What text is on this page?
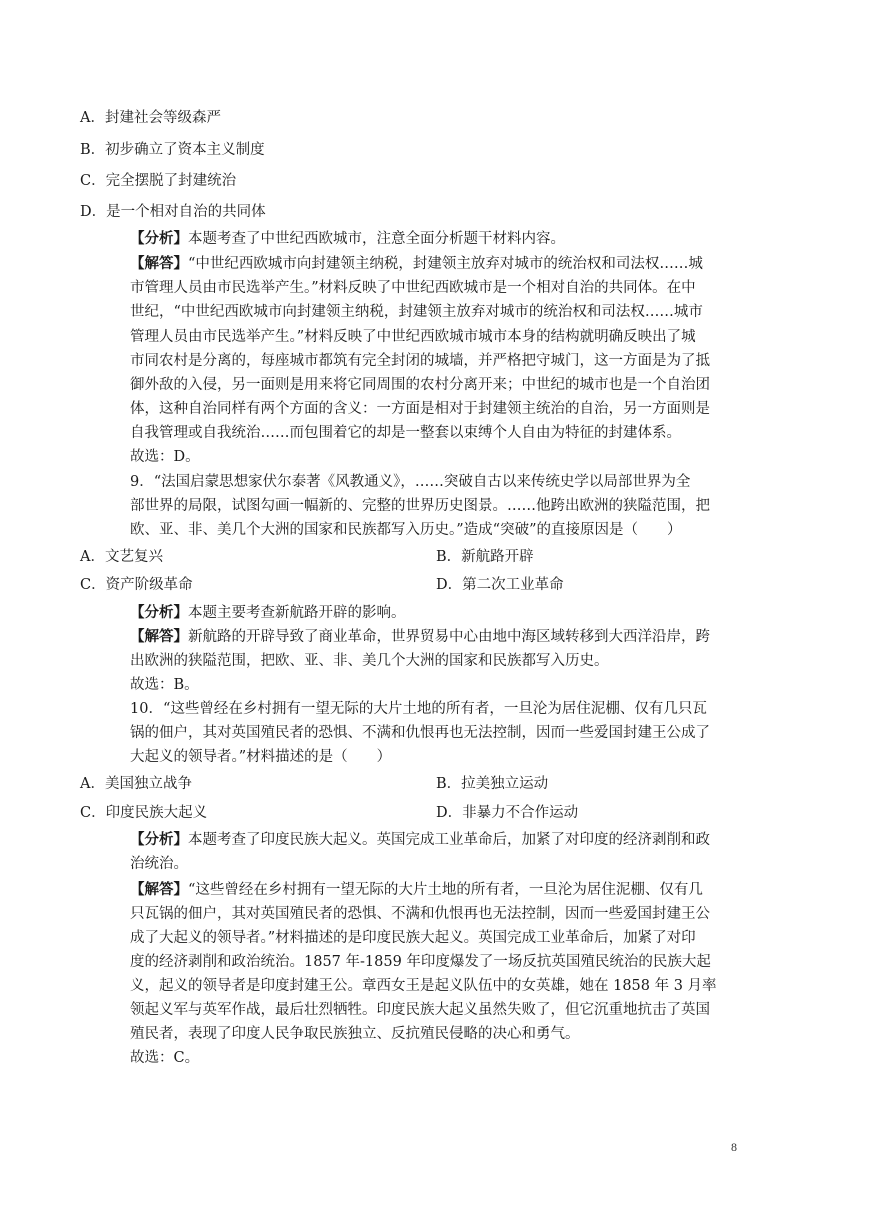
A．封建社会等级森严
B．初步确立了资本主义制度
C．完全摆脱了封建统治
D．是一个相对自治的共同体
【分析】本题考查了中世纪西欧城市，注意全面分析题干材料内容。
【解答】“中世纪西欧城市向封建领主纳税，封建领主放弃对城市的统治权和司法权……城
市管理人员由市民选举产生。”材料反映了中世纪西欧城市是一个相对自治的共同体。在中
世纪，“中世纪西欧城市向封建领主纳税，封建领主放弃对城市的统治权和司法权……城市
管理人员由市民选举产生。”材料反映了中世纪西欧城市城市本身的结构就明确反映出了城
市同农村是分离的，每座城市都筑有完全封闭的城墙，并严格把守城门，这一方面是为了抵
御外敌的入侵，另一面则是用来将它同周围的农村分离开来；中世纪的城市也是一个自治团
体，这种自治同样有两个方面的含义：一方面是相对于封建领主统治的自治，另一方面则是
自我管理或自我统治……而包围着它的却是一整套以束缚个人自由为特征的封建体系。
故选：D。
9．“法国启蒙思想家伏尔泰著《风教通义》，……突破自古以来传统史学以局部世界为全
部世界的局限，试图勾画一幅新的、完整的世界历史图景。……他跨出欧洲的狭隘范围，把
欧、亚、非、美几个大洲的国家和民族都写入历史。”造成“突破”的直接原因是（　　）
A．文艺复兴	B．新航路开辟
C．资产阶级革命	D．第二次工业革命
【分析】本题主要考查新航路开辟的影响。
【解答】新航路的开辟导致了商业革命，世界贸易中心由地中海区域转移到大西洋沿岸，跨
出欧洲的狭隘范围，把欧、亚、非、美几个大洲的国家和民族都写入历史。
故选：B。
10．“这些曾经在乡村拥有一望无际的大片土地的所有者，一旦沦为居住泥棚、仅有几只瓦
锅的佃户，其对英国殖民者的恐惧、不满和仇恨再也无法控制，因而一些爱国封建王公成了
大起义的领导者。”材料描述的是（　　）
A．美国独立战争	B．拉美独立运动
C．印度民族大起义	D．非暴力不合作运动
【分析】本题考查了印度民族大起义。英国完成工业革命后，加紧了对印度的经济剥削和政
治统治。
【解答】“这些曾经在乡村拥有一望无际的大片土地的所有者，一旦沦为居住泥棚、仅有几
只瓦锅的佃户，其对英国殖民者的恐惧、不满和仇恨再也无法控制，因而一些爱国封建王公
成了大起义的领导者。”材料描述的是印度民族大起义。英国完成工业革命后，加紧了对印
度的经济剥削和政治统治。1857 年-1859 年印度爆发了一场反抗英国殖民统治的民族大起
义，起义的领导者是印度封建王公。章西女王是起义队伍中的女英雄，她在 1858 年 3 月率
领起义军与英军作战，最后壮烈牺牲。印度民族大起义虽然失败了，但它沉重地抗击了英国
殖民者，表现了印度人民争取民族独立、反抗殖民侵略的决心和勇气。
故选：C。
8
